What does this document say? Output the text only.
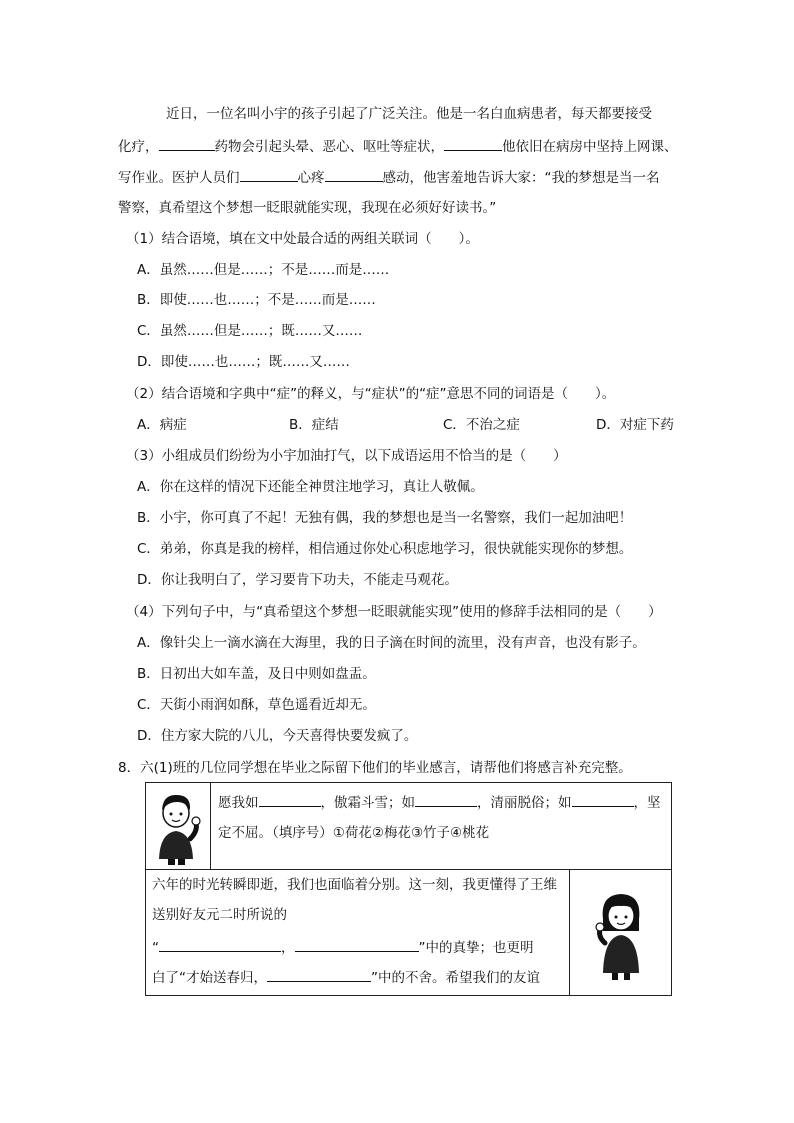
近日，一位名叫小宇的孩子引起了广泛关注。他是一名白血病患者，每天都要接受
化疗，	药物会引起头晕、恶心、呕吐等症状，	他依旧在病房中坚持上网课、
写作业。医护人员们	心疼	感动，他害羞地告诉大家：“我的梦想是当一名
警察，真希望这个梦想一眨眼就能实现，我现在必须好好读书。”
（1）结合语境，填在文中处最合适的两组关联词（　　）。
A．虽然……但是……；不是……而是……
B．即使……也……；不是……而是……
C．虽然……但是……；既……又……
D．即使……也……；既……又……
（2）结合语境和字典中“症”的释义，与“症状”的“症”意思不同的词语是（　　）。
A．病症	B．症结	C．不治之症	D．对症下药
（3）小组成员们纷纷为小宇加油打气，以下成语运用不恰当的是（　　）
A．你在这样的情况下还能全神贯注地学习，真让人敬佩。
B．小宇，你可真了不起！无独有偶，我的梦想也是当一名警察，我们一起加油吧！
C．弟弟，你真是我的榜样，相信通过你处心积虑地学习，很快就能实现你的梦想。
D．你让我明白了，学习要肯下功夫，不能走马观花。
（4）下列句子中，与“真希望这个梦想一眨眼就能实现”使用的修辞手法相同的是（　　）
A．像针尖上一滴水滴在大海里，我的日子滴在时间的流里，没有声音，也没有影子。
B．日初出大如车盖，及日中则如盘盂。
C．天街小雨润如酥，草色遥看近却无。
D．住方家大院的八儿，今天喜得快要发疯了。
8．六(1)班的几位同学想在毕业之际留下他们的毕业感言，请帮他们将感言补充完整。
愿我如	，傲霜斗雪；如	，清丽脱俗；如	，坚
定不屈。（填序号）①荷花②梅花③竹子④桃花
六年的时光转瞬即逝，我们也面临着分别。这一刻，我更懂得了王维
送别好友元二时所说的
“	，	”中的真挚；也更明
白了“才始送春归，	”中的不舍。希望我们的友谊
